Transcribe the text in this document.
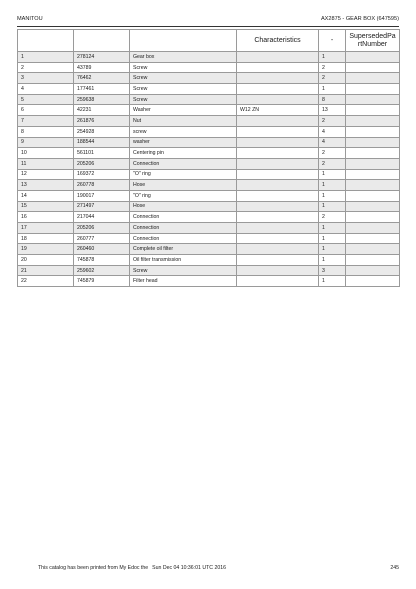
MANITOU	AX2875 - GEAR BOX (647595)
			Characteristics	-	SupersededPartNumber
1	278124	Gear box		1	
2	43789	Screw		2	
3	76462	Screw		2	
4	177461	Screw		1	
5	259638	Screw		8	
6	42231	Washer	W12 ZN	13	
7	261876	Nut		2	
8	254928	screw		4	
9	188544	washer		4	
10	561101	Centering pin		2	
11	205206	Connection		2	
12	169372	"O" ring		1	
13	260778	Hose		1	
14	190017	"O" ring		1	
15	271497	Hose		1	
16	217044	Connection		2	
17	205206	Connection		1	
18	260777	Connection		1	
19	260460	Complete oil filter		1	
20	745878	Oil filter transmission		1	
21	259602	Screw		3	
22	745879	Filter head		1	
This catalog has been printed from My Edoc the Sun Dec 04 10:36:01 UTC 2016	245
